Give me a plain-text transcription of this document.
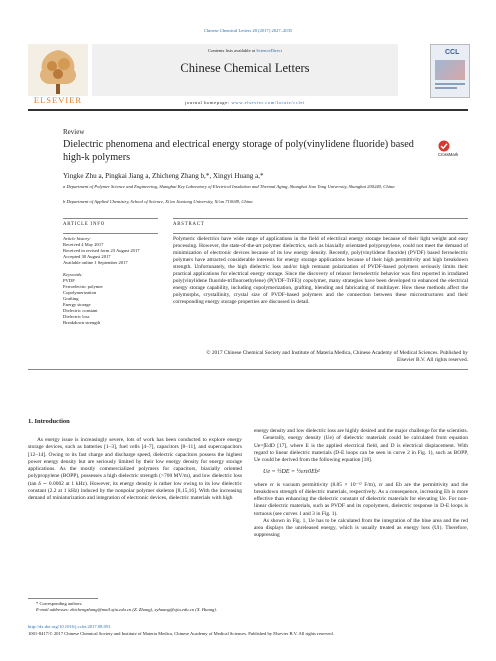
Chinese Chemical Letters 28 (2017) 2027–2035
ELSEVIER
Contents lists available at ScienceDirect
Chinese Chemical Letters
CCL
journal homepage: www.elsevier.com/locate/cclet
Review
Dielectric phenomena and electrical energy storage of poly(vinylidene fluoride) based high-k polymers	CrossMark
Yingke Zhu a, Pingkai Jiang a, Zhicheng Zhang b,*, Xingyi Huang a,*
a Department of Polymer Science and Engineering, Shanghai Key Laboratory of Electrical Insulation and Thermal Aging, Shanghai Jiao Tong University, Shanghai 200240, China
b Department of Applied Chemistry, School of Science, Xi'an Jiaotong University, Xi'an 710049, China
ARTICLE INFO
Article history:
Received 4 May 2017
Received in revised form 23 August 2017
Accepted 30 August 2017
Available online 1 September 2017
Keywords:
PVDF
Ferroelectric polymer
Copolymerization
Grafting
Energy storage
Dielectric constant
Dielectric loss
Breakdown strength
ABSTRACT

Polymeric dielectrics have wide range of applications in the field of electrical energy storage because of their light weight and easy processing. However, the state-of-the-art polymer dielectrics, such as biaxially orientated polypropylene, could not meet the demand of minimization of electronic devices because of its low energy density. Recently, poly(vinylidene fluoride) (PVDF) based ferroelectric polymers have attracted considerable interests for energy storage applications because of their high permittivity and high breakdown strength. Unfortunately, the high dielectric loss and/or high remnant polarization of PVDF-based polymers seriously limits their practical applications for electrical energy storage. Since the discovery of relaxor ferroelectric behavior was first reported in irradiated poly(vinylidene fluoride-trifluoroethylene) (P(VDF-TrFE)) copolymer, many strategies have been developed to enhanced the electrical energy storage capability, including copolymerization, grafting, blending and fabricating of multilayer. How these methods affect the polymorphs, crystallinity, crystal size of PVDF-based polymers and the connection between these microstructures and their corresponding energy storage properties are discussed in detail.

© 2017 Chinese Chemical Society and Institute of Materia Medica, Chinese Academy of Medical Sciences. Published by Elsevier B.V. All rights reserved.

1. Introduction

As energy issue is increasingly severe, lots of work has been conducted to explore energy storage devices, such as batteries [1–3], fuel cells [4–7], capacitors [8–11], and supercapacitors [12–14]. Owing to its fast charge and discharge speed, dielectric capacitors possess the highest power energy density but are seriously limited by their low energy density for energy storage applications. As the mostly commercialized polymers for capacitors, biaxially oriented polypropylene (BOPP), possesses a high dielectric strength (>700 MV/m), and low dielectric loss (tan δ ∼ 0.0002 at 1 kHz). However, its energy density is rather low owing to its low dielectric constant (2.2 at 1 kHz) induced by the nonpolar polymer skeleton [8,15,16]. With the increasing demand of miniaturization and integration of electronic devices, dielectric materials with high

energy density and low dielectric loss are highly desired and the major challenge for the scientists.

Generally, energy density (Ue) of dielectric materials could be calculated from equation Ue=∫EdD [17], where E is the applied electrical field, and D is electrical displacement. With regard to linear dielectric materials (D-E loops can be seen in curve 2 in Fig. 1), such as BOPP, Ue could be derived from the following equation [18].

Ue = ½DE = ½εrε0Eb²

where εr is vacuum permittivity (8.85 × 10⁻¹² F/m), εr and Eb are the permittivity and the breakdown strength of dielectric materials, respectively. As a consequence, increasing Eb is more effective than enhancing the dielectric constant of dielectric materials for elevating Ue. For non-linear dielectric materials, such as PVDF and its copolymers, dielectric response in D-E loops is tortuous (see curves 1 and 3 in Fig. 1).

As shown in Fig. 1, Ue has to be calculated from the integration of the blue area and the red area displays the unreleased energy, which is usually treated as energy loss (Ul). Therefore, suppressing

* Corresponding authors.
E-mail addresses: zhichengzhang@mail.xjtu.edu.cn (Z. Zhang), xyhuang@sjtu.edu.cn (X. Huang).
http://dx.doi.org/10.1016/j.cclet.2017.08.053
1001-8417/© 2017 Chinese Chemical Society and Institute of Materia Medica, Chinese Academy of Medical Sciences. Published by Elsevier B.V. All rights reserved.
